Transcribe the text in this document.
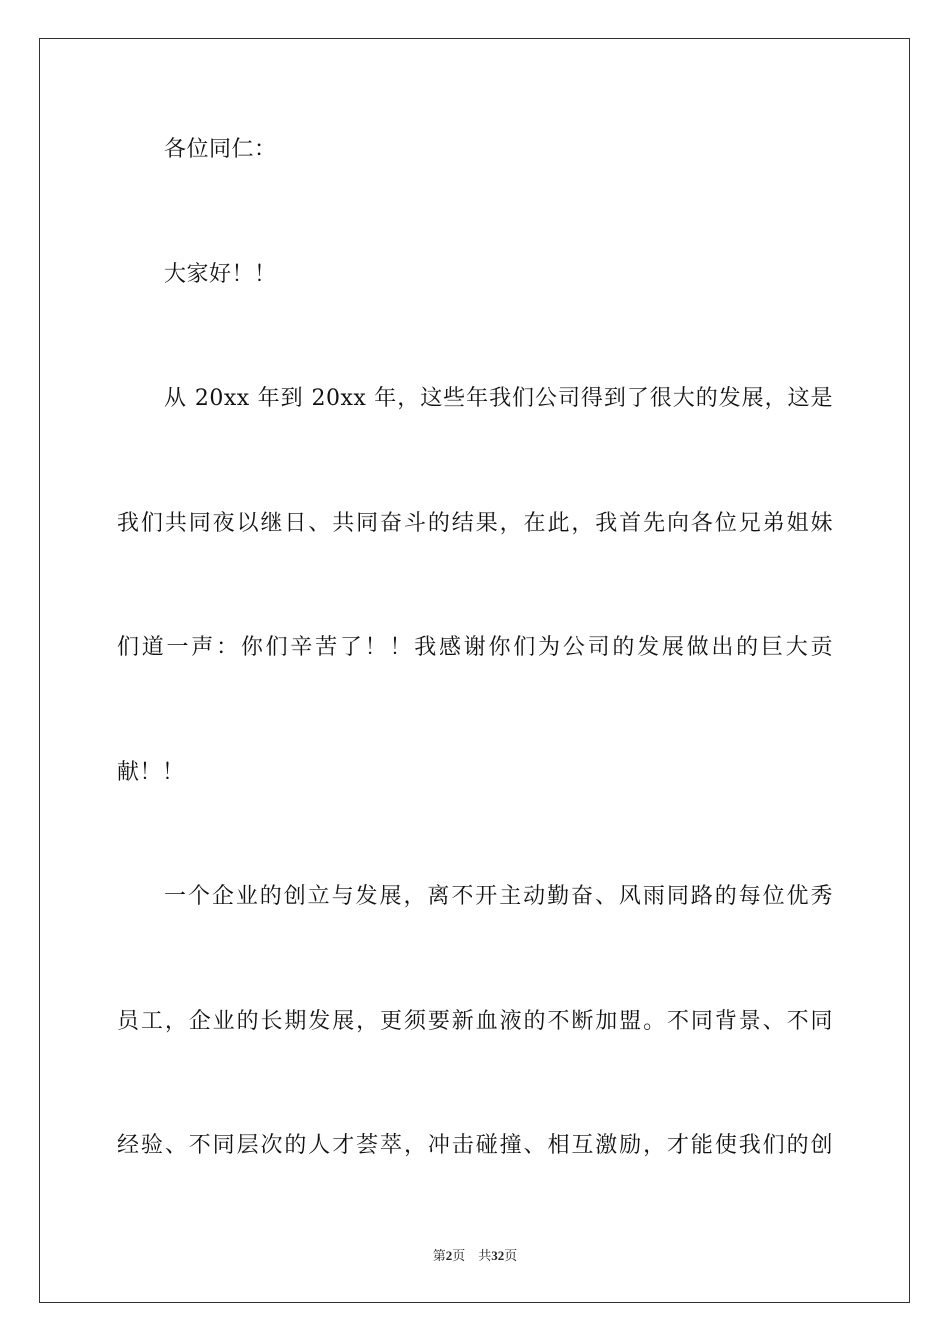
各位同仁：
大家好！！
从 20xx 年到 20xx 年，这些年我们公司得到了很大的发展，这是
我们共同夜以继日、共同奋斗的结果，在此，我首先向各位兄弟姐妹
们道一声：你们辛苦了！！我感谢你们为公司的发展做出的巨大贡
献！！
一个企业的创立与发展，离不开主动勤奋、风雨同路的每位优秀
员工，企业的长期发展，更须要新血液的不断加盟。不同背景、不同
经验、不同层次的人才荟萃，冲击碰撞、相互激励，才能使我们的创
第2页　共32页
